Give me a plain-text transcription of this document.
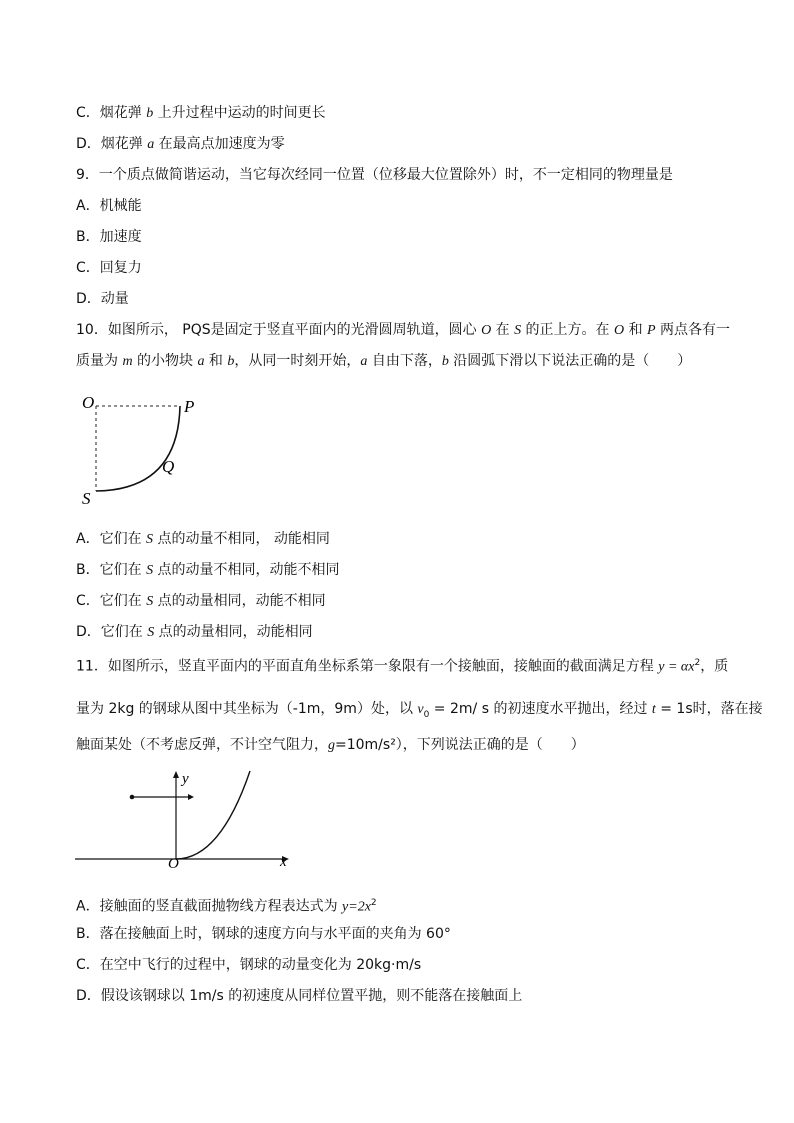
C．烟花弹 b 上升过程中运动的时间更长
D．烟花弹 a 在最高点加速度为零
9．一个质点做简谐运动，当它每次经同一位置（位移最大位置除外）时，不一定相同的物理量是
A．机械能
B．加速度
C．回复力
D．动量
10．如图所示， PQS是固定于竖直平面内的光滑圆周轨道，圆心 O 在 S 的正上方。在 O 和 P 两点各有一
质量为 m 的小物块 a 和 b，从同一时刻开始，a 自由下落，b 沿圆弧下滑以下说法正确的是（　　）
O	P
Q
S
A．它们在 S 点的动量不相同， 动能相同
B．它们在 S 点的动量不相同，动能不相同
C．它们在 S 点的动量相同，动能不相同
D．它们在 S 点的动量相同，动能相同
11．如图所示，竖直平面内的平面直角坐标系第一象限有一个接触面，接触面的截面满足方程 $y = \alpha x^2$，质
量为 2kg 的钢球从图中其坐标为（-1m，9m）处，以 $v_0 = 2m/$ s 的初速度水平抛出，经过 t = 1s时，落在接
触面某处（不考虑反弹，不计空气阻力，g=10m/s²），下列说法正确的是（　　）
y
x
O
A．接触面的竖直截面抛物线方程表达式为 $y=2x^2$
B．落在接触面上时，钢球的速度方向与水平面的夹角为 60°
C．在空中飞行的过程中，钢球的动量变化为 20kg·m/s
D．假设该钢球以 1m/s 的初速度从同样位置平抛，则不能落在接触面上
